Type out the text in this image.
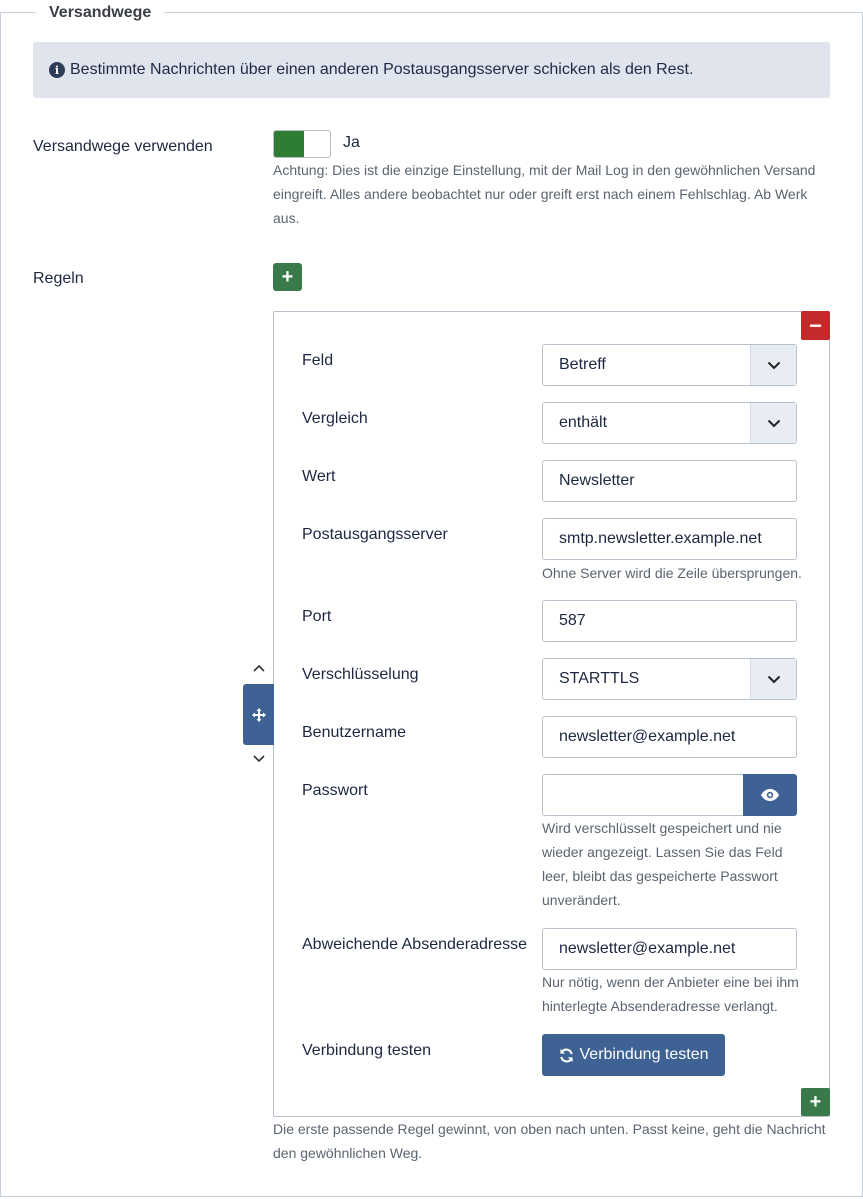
Versandwege
i Bestimmte Nachrichten über einen anderen Postausgangsserver schicken als den Rest.
Versandwege verwenden	Ja
Achtung: Dies ist die einzige Einstellung, mit der Mail Log in den gewöhnlichen Versand eingreift. Alles andere beobachtet nur oder greift erst nach einem Fehlschlag. Ab Werk aus.
Regeln	+
−
Feld	Betreff
Vergleich	enthält
Wert	Newsletter
Postausgangsserver	smtp.newsletter.example.net
Ohne Server wird die Zeile übersprungen.
Port	587
Verschlüsselung	STARTTLS
Benutzername	newsletter@example.net
Passwort
Wird verschlüsselt gespeichert und nie wieder angezeigt. Lassen Sie das Feld leer, bleibt das gespeicherte Passwort unverändert.
Abweichende Absenderadresse	newsletter@example.net
Nur nötig, wenn der Anbieter eine bei ihm hinterlegte Absenderadresse verlangt.
Verbindung testen	Verbindung testen
+
Die erste passende Regel gewinnt, von oben nach unten. Passt keine, geht die Nachricht den gewöhnlichen Weg.
